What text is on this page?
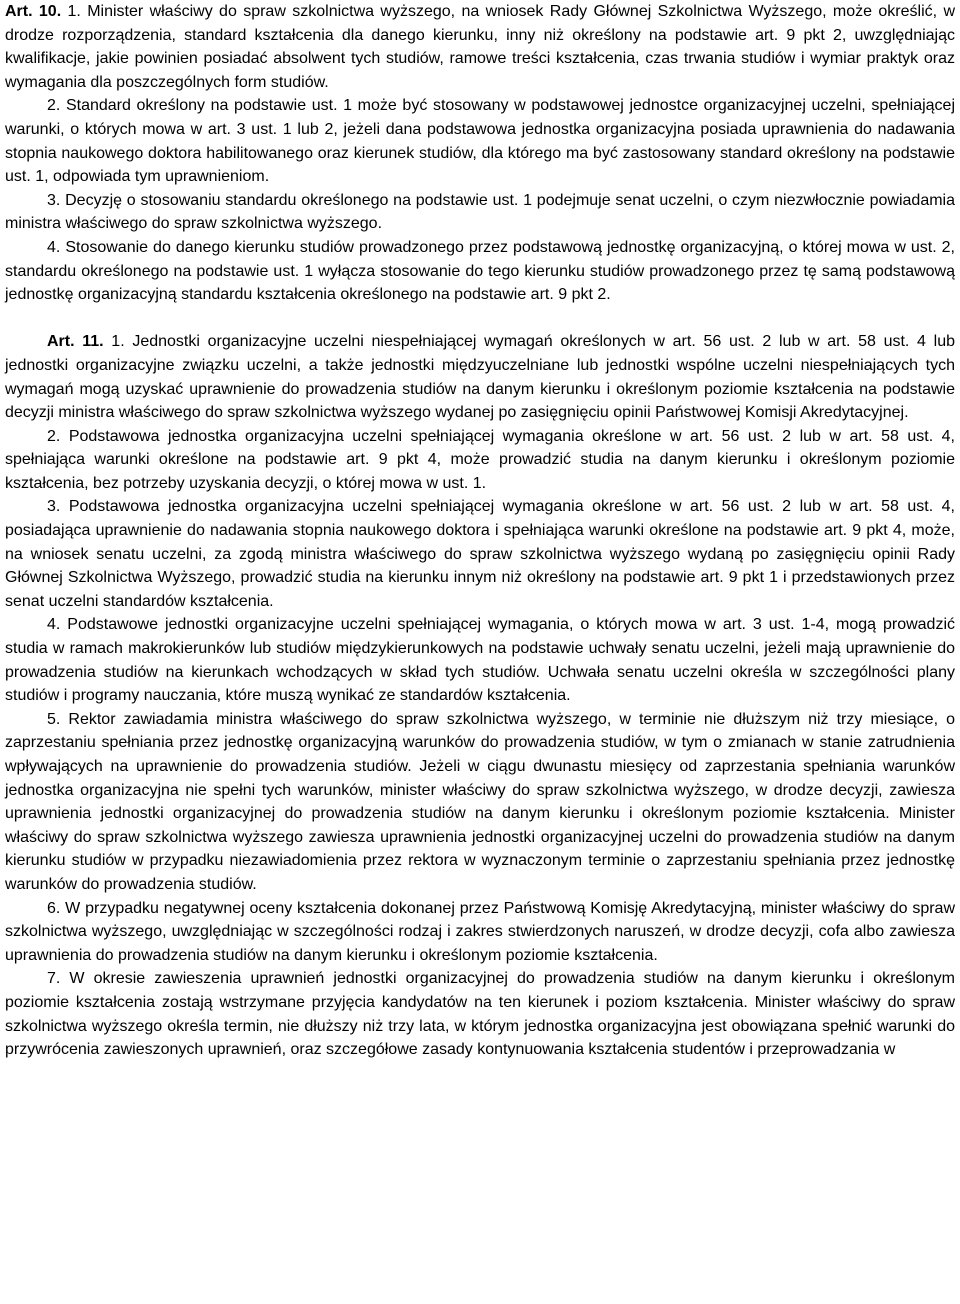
Art. 10. 1. Minister właściwy do spraw szkolnictwa wyższego, na wniosek Rady Głównej Szkolnictwa Wyższego, może określić, w drodze rozporządzenia, standard kształcenia dla danego kierunku, inny niż określony na podstawie art. 9 pkt 2, uwzględniając kwalifikacje, jakie powinien posiadać absolwent tych studiów, ramowe treści kształcenia, czas trwania studiów i wymiar praktyk oraz wymagania dla poszczególnych form studiów.

2. Standard określony na podstawie ust. 1 może być stosowany w podstawowej jednostce organizacyjnej uczelni, spełniającej warunki, o których mowa w art. 3 ust. 1 lub 2, jeżeli dana podstawowa jednostka organizacyjna posiada uprawnienia do nadawania stopnia naukowego doktora habilitowanego oraz kierunek studiów, dla którego ma być zastosowany standard określony na podstawie ust. 1, odpowiada tym uprawnieniom.

3. Decyzję o stosowaniu standardu określonego na podstawie ust. 1 podejmuje senat uczelni, o czym niezwłocznie powiadamia ministra właściwego do spraw szkolnictwa wyższego.

4. Stosowanie do danego kierunku studiów prowadzonego przez podstawową jednostkę organizacyjną, o której mowa w ust. 2, standardu określonego na podstawie ust. 1 wyłącza stosowanie do tego kierunku studiów prowadzonego przez tę samą podstawową jednostkę organizacyjną standardu kształcenia określonego na podstawie art. 9 pkt 2.

Art. 11. 1. Jednostki organizacyjne uczelni niespełniającej wymagań określonych w art. 56 ust. 2 lub w art. 58 ust. 4 lub jednostki organizacyjne związku uczelni, a także jednostki międzyuczelniane lub jednostki wspólne uczelni niespełniających tych wymagań mogą uzyskać uprawnienie do prowadzenia studiów na danym kierunku i określonym poziomie kształcenia na podstawie decyzji ministra właściwego do spraw szkolnictwa wyższego wydanej po zasięgnięciu opinii Państwowej Komisji Akredytacyjnej.

2. Podstawowa jednostka organizacyjna uczelni spełniającej wymagania określone w art. 56 ust. 2 lub w art. 58 ust. 4, spełniająca warunki określone na podstawie art. 9 pkt 4, może prowadzić studia na danym kierunku i określonym poziomie kształcenia, bez potrzeby uzyskania decyzji, o której mowa w ust. 1.

3. Podstawowa jednostka organizacyjna uczelni spełniającej wymagania określone w art. 56 ust. 2 lub w art. 58 ust. 4, posiadająca uprawnienie do nadawania stopnia naukowego doktora i spełniająca warunki określone na podstawie art. 9 pkt 4, może, na wniosek senatu uczelni, za zgodą ministra właściwego do spraw szkolnictwa wyższego wydaną po zasięgnięciu opinii Rady Głównej Szkolnictwa Wyższego, prowadzić studia na kierunku innym niż określony na podstawie art. 9 pkt 1 i przedstawionych przez senat uczelni standardów kształcenia.

4. Podstawowe jednostki organizacyjne uczelni spełniającej wymagania, o których mowa w art. 3 ust. 1-4, mogą prowadzić studia w ramach makrokierunków lub studiów międzykierunkowych na podstawie uchwały senatu uczelni, jeżeli mają uprawnienie do prowadzenia studiów na kierunkach wchodzących w skład tych studiów. Uchwała senatu uczelni określa w szczególności plany studiów i programy nauczania, które muszą wynikać ze standardów kształcenia.

5. Rektor zawiadamia ministra właściwego do spraw szkolnictwa wyższego, w terminie nie dłuższym niż trzy miesiące, o zaprzestaniu spełniania przez jednostkę organizacyjną warunków do prowadzenia studiów, w tym o zmianach w stanie zatrudnienia wpływających na uprawnienie do prowadzenia studiów. Jeżeli w ciągu dwunastu miesięcy od zaprzestania spełniania warunków jednostka organizacyjna nie spełni tych warunków, minister właściwy do spraw szkolnictwa wyższego, w drodze decyzji, zawiesza uprawnienia jednostki organizacyjnej do prowadzenia studiów na danym kierunku i określonym poziomie kształcenia. Minister właściwy do spraw szkolnictwa wyższego zawiesza uprawnienia jednostki organizacyjnej uczelni do prowadzenia studiów na danym kierunku studiów w przypadku niezawiadomienia przez rektora w wyznaczonym terminie o zaprzestaniu spełniania przez jednostkę warunków do prowadzenia studiów.

6. W przypadku negatywnej oceny kształcenia dokonanej przez Państwową Komisję Akredytacyjną, minister właściwy do spraw szkolnictwa wyższego, uwzględniając w szczególności rodzaj i zakres stwierdzonych naruszeń, w drodze decyzji, cofa albo zawiesza uprawnienia do prowadzenia studiów na danym kierunku i określonym poziomie kształcenia.

7. W okresie zawieszenia uprawnień jednostki organizacyjnej do prowadzenia studiów na danym kierunku i określonym poziomie kształcenia zostają wstrzymane przyjęcia kandydatów na ten kierunek i poziom kształcenia. Minister właściwy do spraw szkolnictwa wyższego określa termin, nie dłuższy niż trzy lata, w którym jednostka organizacyjna jest obowiązana spełnić warunki do przywrócenia zawieszonych uprawnień, oraz szczegółowe zasady kontynuowania kształcenia studentów i przeprowadzania w
